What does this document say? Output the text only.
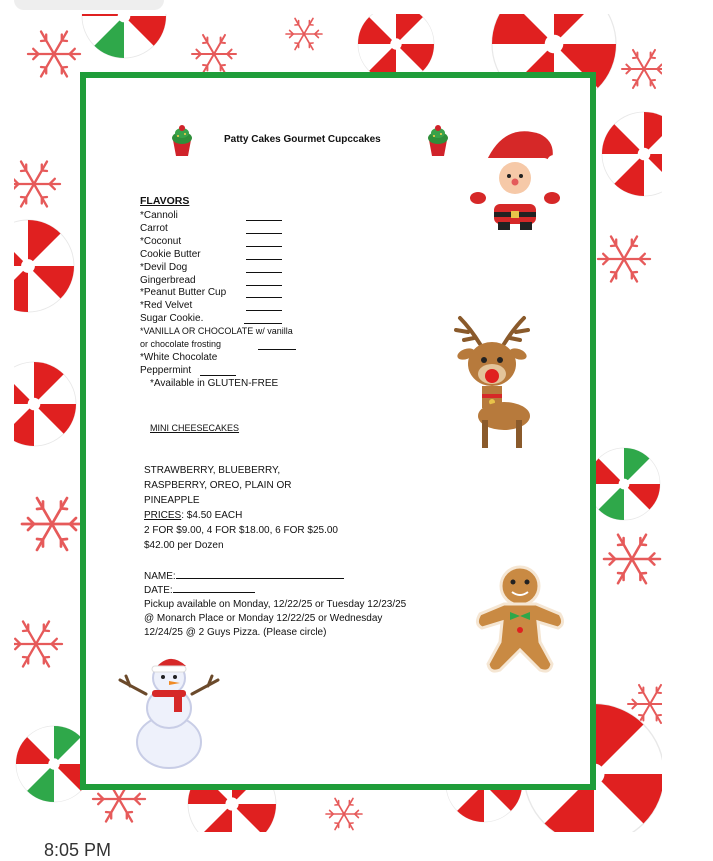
Patty Cakes Gourmet Cupccakes
FLAVORS
*Cannoli
Carrot
*Coconut
Cookie Butter
*Devil Dog
Gingerbread
*Peanut Butter Cup
*Red Velvet
Sugar Cookie.
*VANILLA OR CHOCOLATE w/ vanilla
or chocolate frosting
*White Chocolate
Peppermint
*Available in GLUTEN-FREE
MINI CHEESECAKES
STRAWBERRY, BLUEBERRY,
RASPBERRY, OREO, PLAIN OR
PINEAPPLE
PRICES: $4.50 EACH
2 FOR $9.00, 4 FOR $18.00, 6 FOR $25.00
$42.00 per Dozen
NAME:
DATE:
Pickup available on Monday, 12/22/25 or Tuesday 12/23/25
@ Monarch Place or Monday 12/22/25 or Wednesday
12/24/25 @ 2 Guys Pizza. (Please circle)
8:05 PM
